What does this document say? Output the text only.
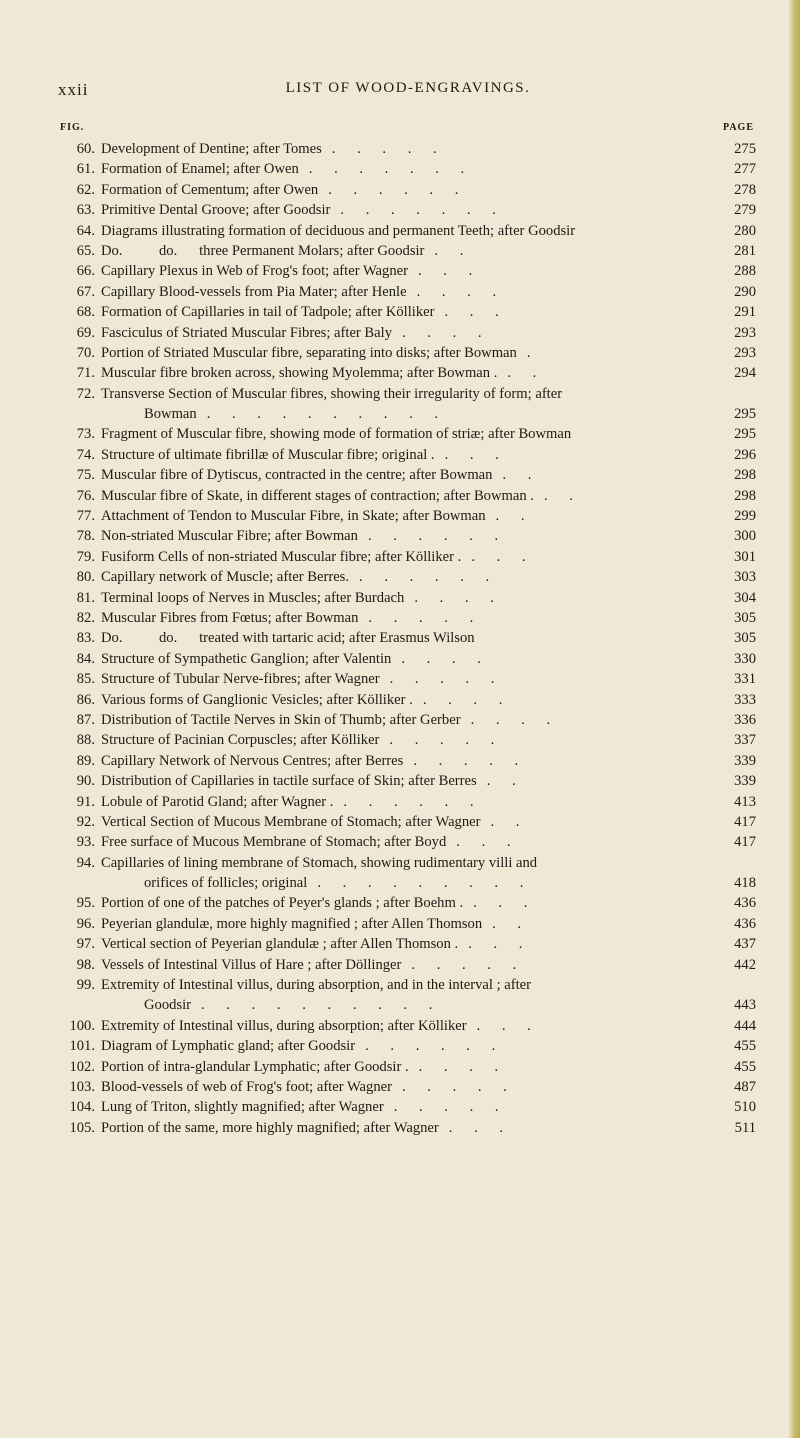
xxii	LIST OF WOOD-ENGRAVINGS.
FIG.	PAGE
60. Development of Dentine; after Tomes . . . . .	275
61. Formation of Enamel; after Owen . . . . . . .	277
62. Formation of Cementum; after Owen . . . . . .	278
63. Primitive Dental Groove; after Goodsir . . . . . . .	279
64. Diagrams illustrating formation of deciduous and permanent Teeth; after Goodsir	280
65. Do.          do.      three Permanent Molars; after Goodsir . .	281
66. Capillary Plexus in Web of Frog's foot; after Wagner . . .	288
67. Capillary Blood-vessels from Pia Mater; after Henle . . . .	290
68. Formation of Capillaries in tail of Tadpole; after Kölliker . . .	291
69. Fasciculus of Striated Muscular Fibres; after Baly . . . .	293
70. Portion of Striated Muscular fibre, separating into disks; after Bowman .	293
71. Muscular fibre broken across, showing Myolemma; after Bowman . . .	294
72. Transverse Section of Muscular fibres, showing their irregularity of form; after
Bowman . . . . . . . . . .	295
73. Fragment of Muscular fibre, showing mode of formation of striæ; after Bowman	295
74. Structure of ultimate fibrillæ of Muscular fibre; original . . . .	296
75. Muscular fibre of Dytiscus, contracted in the centre; after Bowman . .	298
76. Muscular fibre of Skate, in different stages of contraction; after Bowman . . .	298
77. Attachment of Tendon to Muscular Fibre, in Skate; after Bowman . .	299
78. Non-striated Muscular Fibre; after Bowman . . . . . .	300
79. Fusiform Cells of non-striated Muscular fibre; after Kölliker . . . .	301
80. Capillary network of Muscle; after Berres. . . . . . .	303
81. Terminal loops of Nerves in Muscles; after Burdach . . . .	304
82. Muscular Fibres from Fœtus; after Bowman . . . . .	305
83. Do.          do.      treated with tartaric acid; after Erasmus Wilson	305
84. Structure of Sympathetic Ganglion; after Valentin . . . .	330
85. Structure of Tubular Nerve-fibres; after Wagner . . . . .	331
86. Various forms of Ganglionic Vesicles; after Kölliker . . . . .	333
87. Distribution of Tactile Nerves in Skin of Thumb; after Gerber . . . .	336
88. Structure of Pacinian Corpuscles; after Kölliker . . . . .	337
89. Capillary Network of Nervous Centres; after Berres . . . . .	339
90. Distribution of Capillaries in tactile surface of Skin; after Berres . .	339
91. Lobule of Parotid Gland; after Wagner . . . . . . .	413
92. Vertical Section of Mucous Membrane of Stomach; after Wagner . .	417
93. Free surface of Mucous Membrane of Stomach; after Boyd . . .	417
94. Capillaries of lining membrane of Stomach, showing rudimentary villi and
orifices of follicles; original . . . . . . . . .	418
95. Portion of one of the patches of Peyer's glands ; after Boehm . . . .	436
96. Peyerian glandulæ, more highly magnified ; after Allen Thomson . .	436
97. Vertical section of Peyerian glandulæ ; after Allen Thomson . . . .	437
98. Vessels of Intestinal Villus of Hare ; after Döllinger . . . . .	442
99. Extremity of Intestinal villus, during absorption, and in the interval ; after
Goodsir . . . . . . . . . .	443
100. Extremity of Intestinal villus, during absorption; after Kölliker . . .	444
101. Diagram of Lymphatic gland; after Goodsir . . . . . .	455
102. Portion of intra-glandular Lymphatic; after Goodsir . . . . .	455
103. Blood-vessels of web of Frog's foot; after Wagner . . . . .	487
104. Lung of Triton, slightly magnified; after Wagner . . . . .	510
105. Portion of the same, more highly magnified; after Wagner . . .	511
